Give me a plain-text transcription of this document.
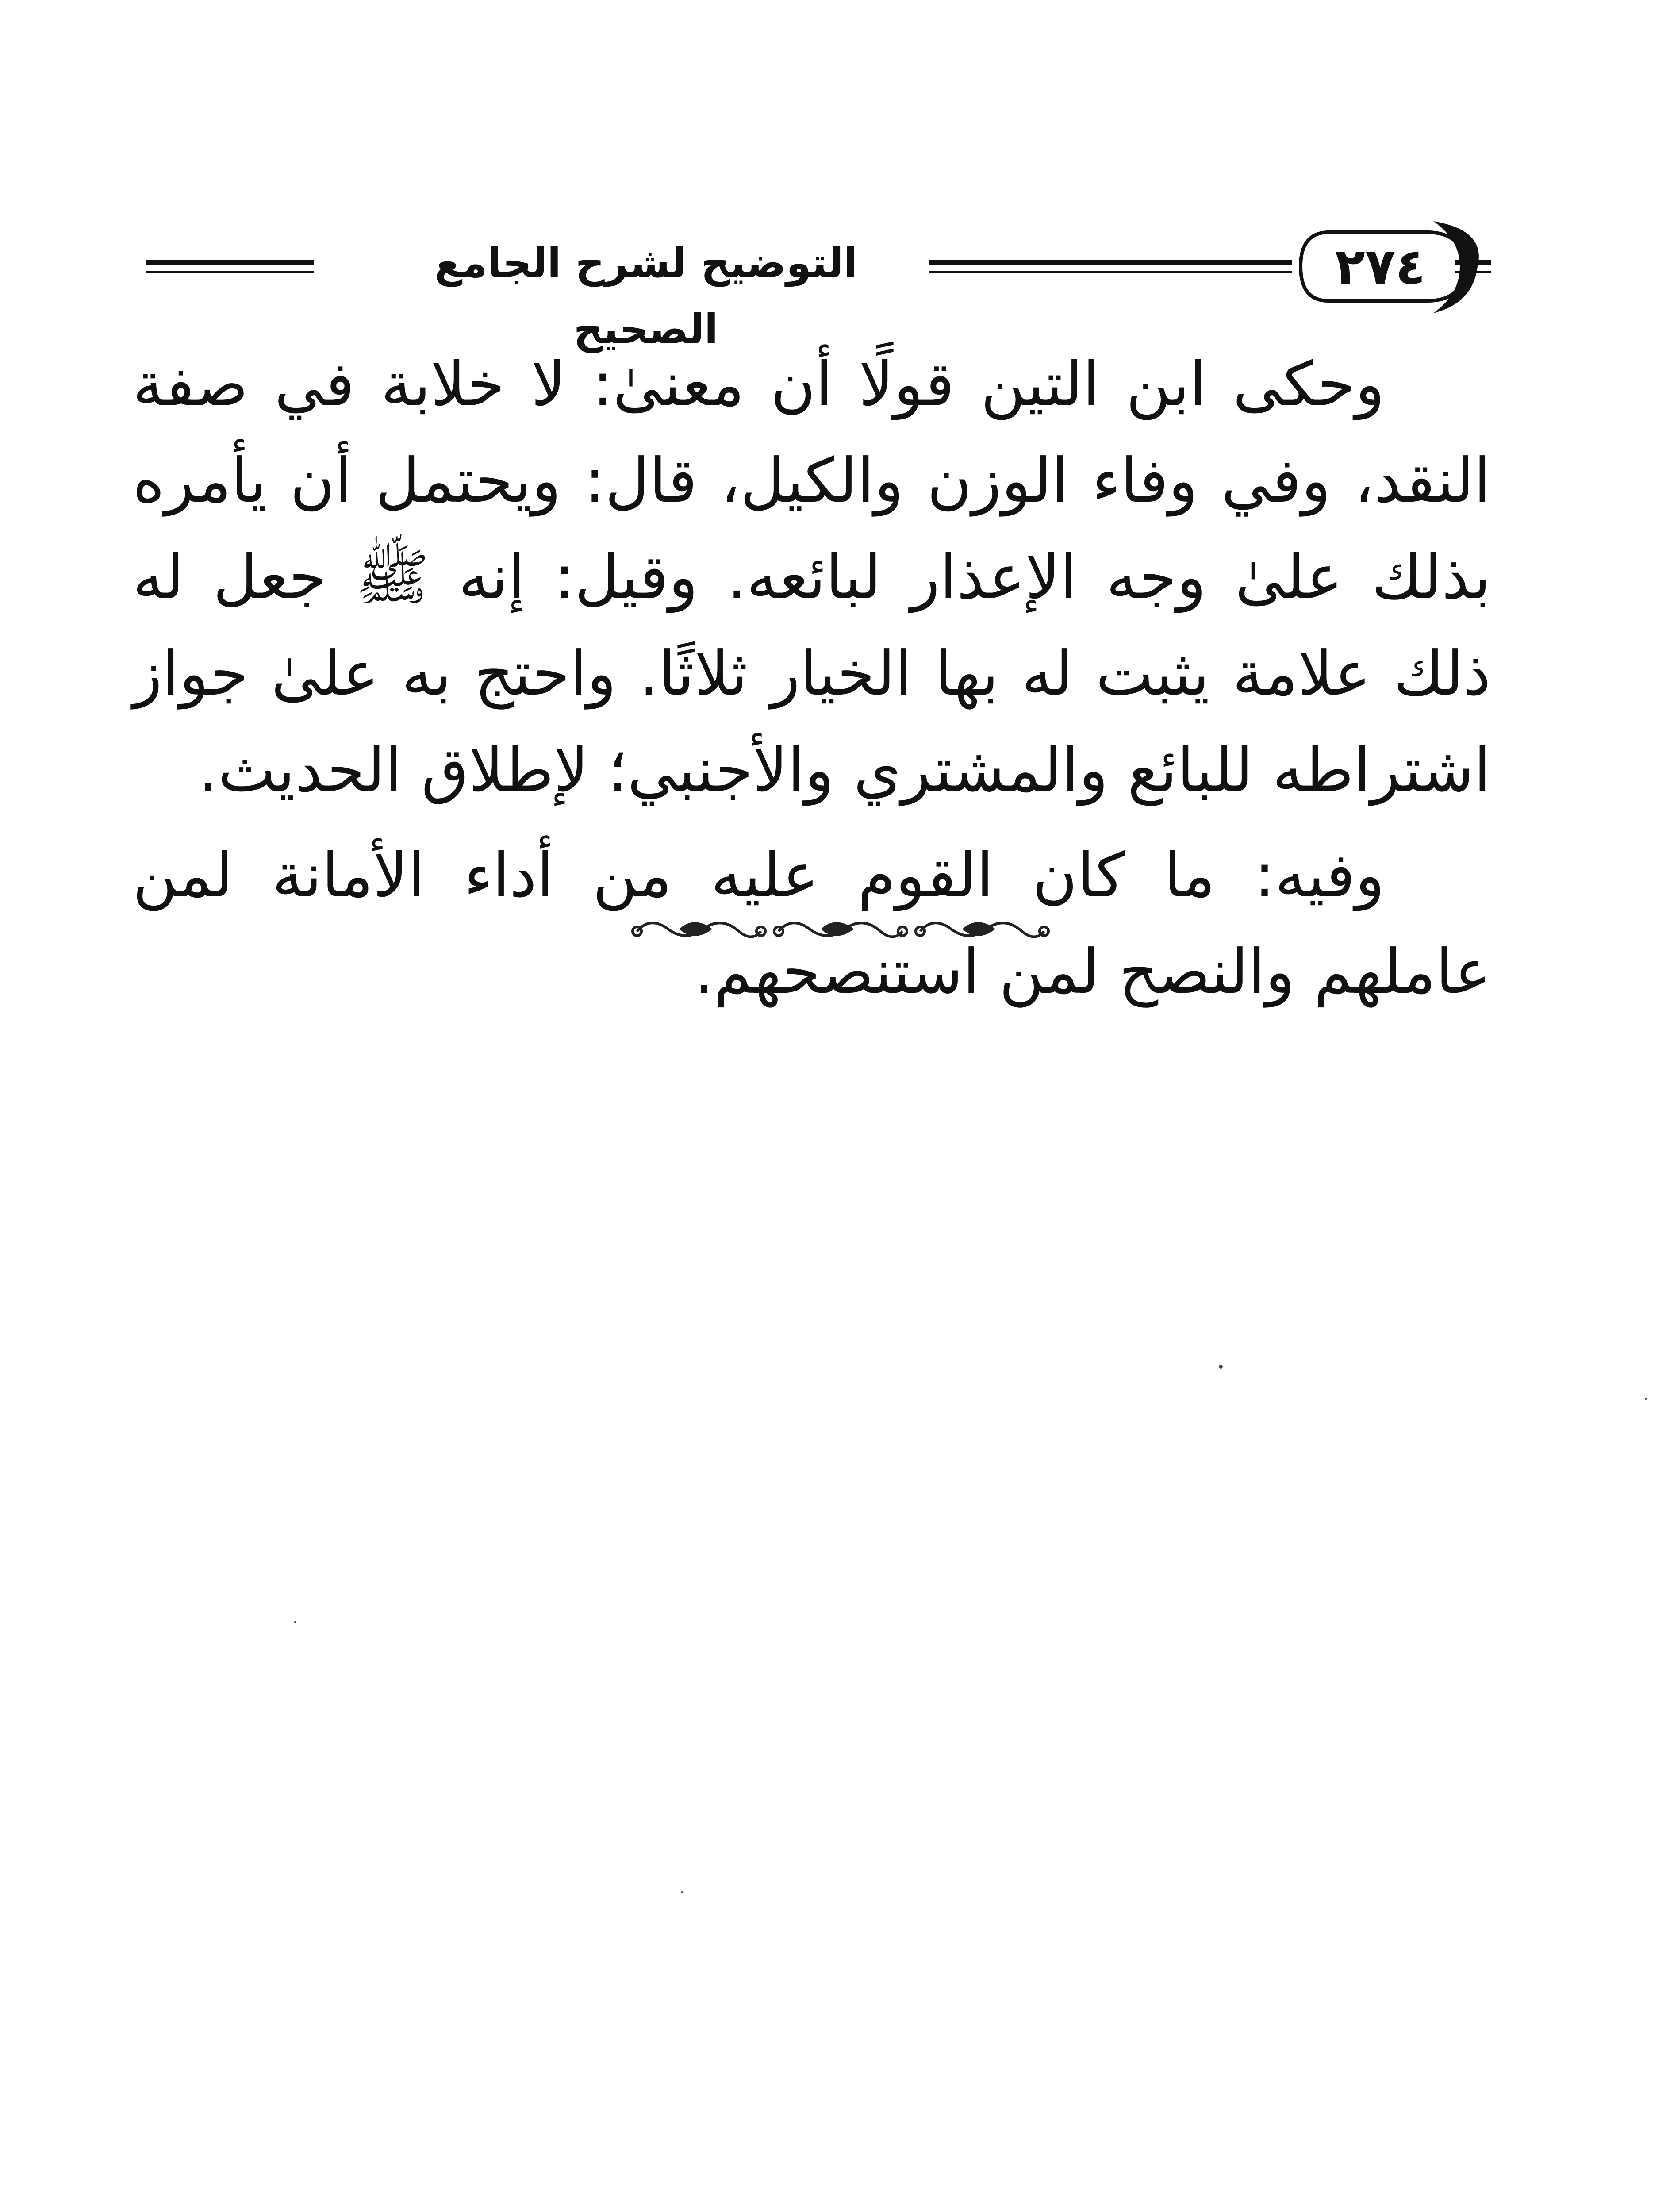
٢٧٤
التوضيح لشرح الجامع الصحيح

وحكى ابن التين قولًا أن معنىٰ: لا خلابة في صفة النقد، وفي وفاء الوزن والكيل، قال: ويحتمل أن يأمره بذلك علىٰ وجه الإعذار لبائعه. وقيل: إنه ﷺ جعل له ذلك علامة يثبت له بها الخيار ثلاثًا. واحتج به علىٰ جواز اشتراطه للبائع والمشتري والأجنبي؛ لإطلاق الحديث.

وفيه: ما كان القوم عليه من أداء الأمانة لمن عاملهم والنصح لمن استنصحهم.
